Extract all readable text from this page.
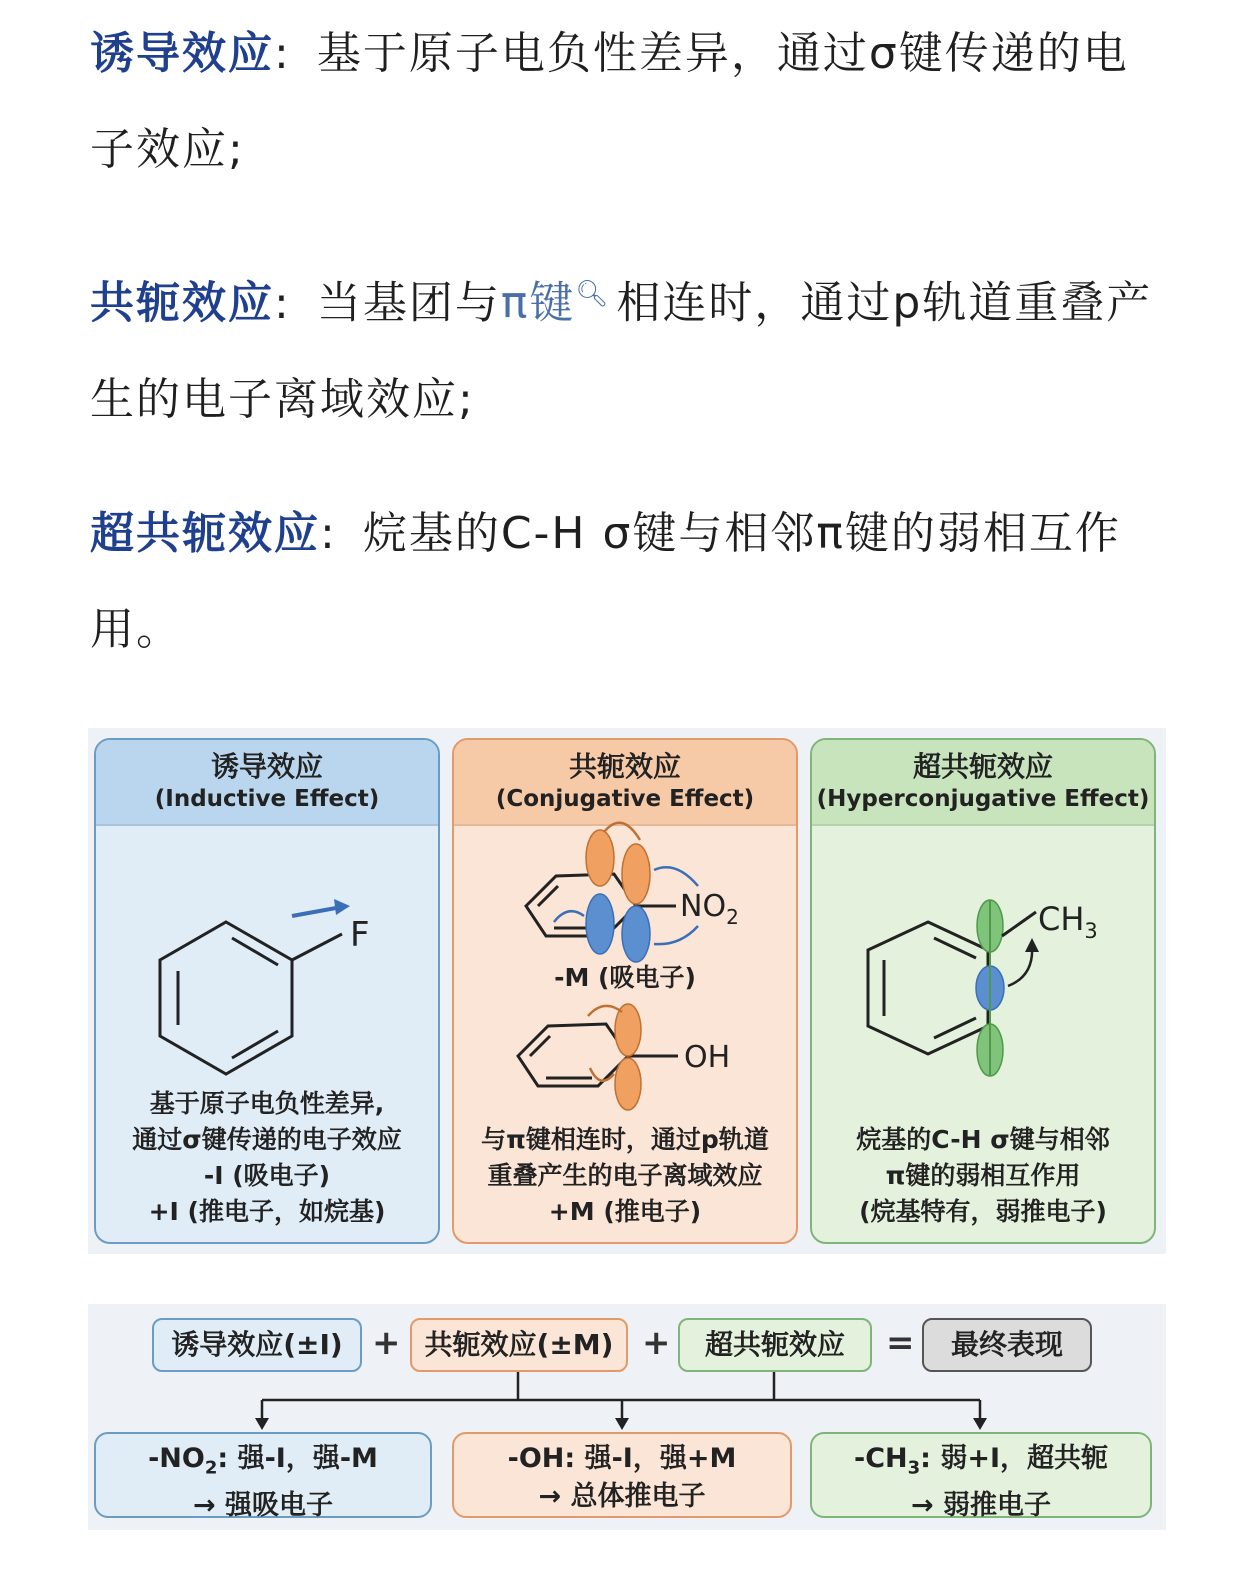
诱导效应: 基于原子电负性差异，通过σ键传递的电子效应;
共轭效应: 当基团与π键🔍︎ 相连时，通过p轨道重叠产生的电子离域效应;
超共轭效应: 烷基的C-H σ键与相邻π键的弱相互作用。
诱导效应
(Inductive Effect)
F
基于原子电负性差异,
通过σ键传递的电子效应
-I (吸电子)
+I (推电子，如烷基)
共轭效应
(Conjugative Effect)
$NO_2$
-M (吸电子)
OH
与π键相连时，通过p轨道
重叠产生的电子离域效应
+M (推电子)
超共轭效应
(Hyperconjugative Effect)
$CH_3$
烷基的C-H σ键与相邻
π键的弱相互作用
(烷基特有，弱推电子)
诱导效应(±I) + 共轭效应(±M) +	超共轭效应	=	最终表现
$-NO_2$: 强-I，强-M
→ 强吸电子
-OH: 强-I，强+M
→ 总体推电子
$-CH_3$: 弱+I，超共轭
→ 弱推电子
